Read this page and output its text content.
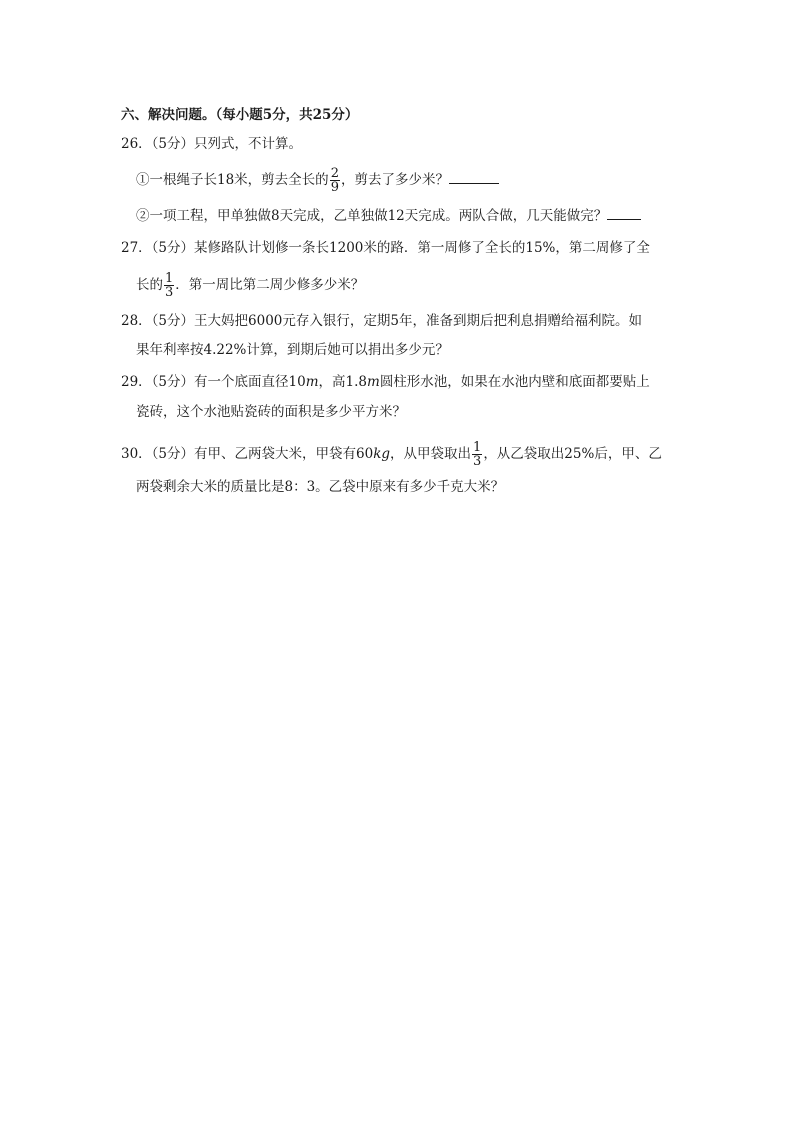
六、解决问题。（每小题5分，共25分）
26．（5分）只列式，不计算。
①一根绳子长18米，剪去全长的 $\frac{2}{9}$ ，剪去了多少米？
②一项工程，甲单独做8天完成，乙单独做12天完成。两队合做，几天能做完？
27．（5分）某修路队计划修一条长1200米的路．第一周修了全长的15%，第二周修了全
长的 $\frac{1}{3}$ ．第一周比第二周少修多少米？
28．（5分）王大妈把6000元存入银行，定期5年，准备到期后把利息捐赠给福利院。如
果年利率按4.22%计算，到期后她可以捐出多少元？
29．（5分）有一个底面直径10m，高1.8m圆柱形水池，如果在水池内壁和底面都要贴上
瓷砖，这个水池贴瓷砖的面积是多少平方米？
30．（5分）有甲、乙两袋大米，甲袋有60kg，从甲袋取出 $\frac{1}{3}$ ，从乙袋取出25%后，甲、乙
两袋剩余大米的质量比是8：3。乙袋中原来有多少千克大米？
